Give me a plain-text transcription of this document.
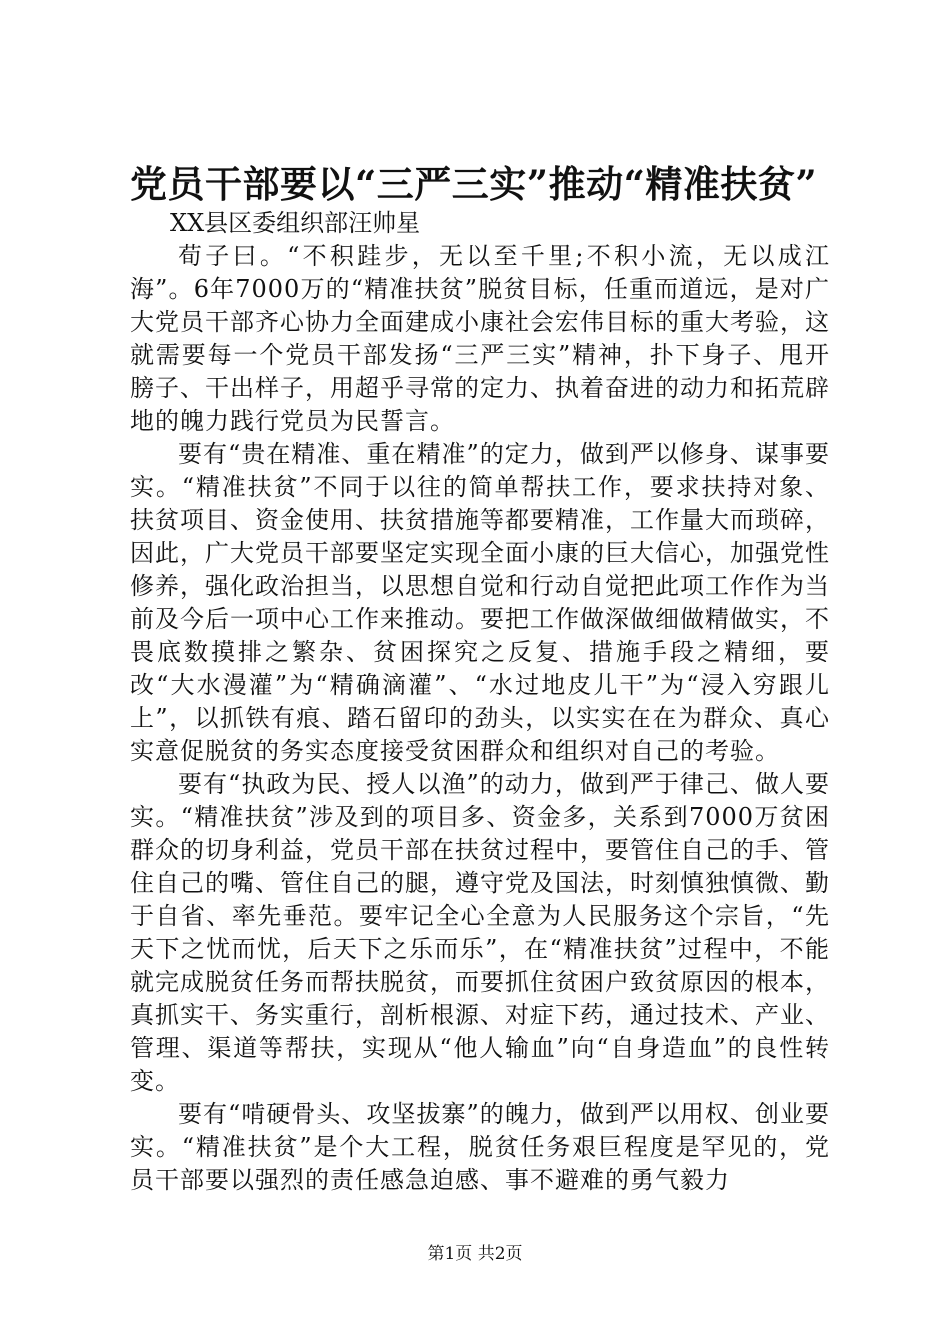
党员干部要以“三严三实”推动“精准扶贫”

XX县区委组织部汪帅星

荀子曰。“不积跬步，无以至千里;不积小流，无以成江海”。6年7000万的“精准扶贫”脱贫目标，任重而道远，是对广大党员干部齐心协力全面建成小康社会宏伟目标的重大考验，这就需要每一个党员干部发扬“三严三实”精神，扑下身子、甩开膀子、干出样子，用超乎寻常的定力、执着奋进的动力和拓荒辟地的魄力践行党员为民誓言。

要有“贵在精准、重在精准”的定力，做到严以修身、谋事要实。“精准扶贫”不同于以往的简单帮扶工作，要求扶持对象、扶贫项目、资金使用、扶贫措施等都要精准，工作量大而琐碎，因此，广大党员干部要坚定实现全面小康的巨大信心，加强党性修养，强化政治担当，以思想自觉和行动自觉把此项工作作为当前及今后一项中心工作来推动。要把工作做深做细做精做实，不畏底数摸排之繁杂、贫困探究之反复、措施手段之精细，要改“大水漫灌”为“精确滴灌”、“水过地皮儿干”为“浸入穷跟儿上”，以抓铁有痕、踏石留印的劲头，以实实在在为群众、真心实意促脱贫的务实态度接受贫困群众和组织对自己的考验。

要有“执政为民、授人以渔”的动力，做到严于律己、做人要实。“精准扶贫”涉及到的项目多、资金多，关系到7000万贫困群众的切身利益，党员干部在扶贫过程中，要管住自己的手、管住自己的嘴、管住自己的腿，遵守党及国法，时刻慎独慎微、勤于自省、率先垂范。要牢记全心全意为人民服务这个宗旨，“先天下之忧而忧，后天下之乐而乐”，在“精准扶贫”过程中，不能就完成脱贫任务而帮扶脱贫，而要抓住贫困户致贫原因的根本，真抓实干、务实重行，剖析根源、对症下药，通过技术、产业、管理、渠道等帮扶，实现从“他人输血”向“自身造血”的良性转变。

要有“啃硬骨头、攻坚拔寨”的魄力，做到严以用权、创业要实。“精准扶贫”是个大工程，脱贫任务艰巨程度是罕见的，党员干部要以强烈的责任感急迫感、事不避难的勇气毅力

第1页 共2页
